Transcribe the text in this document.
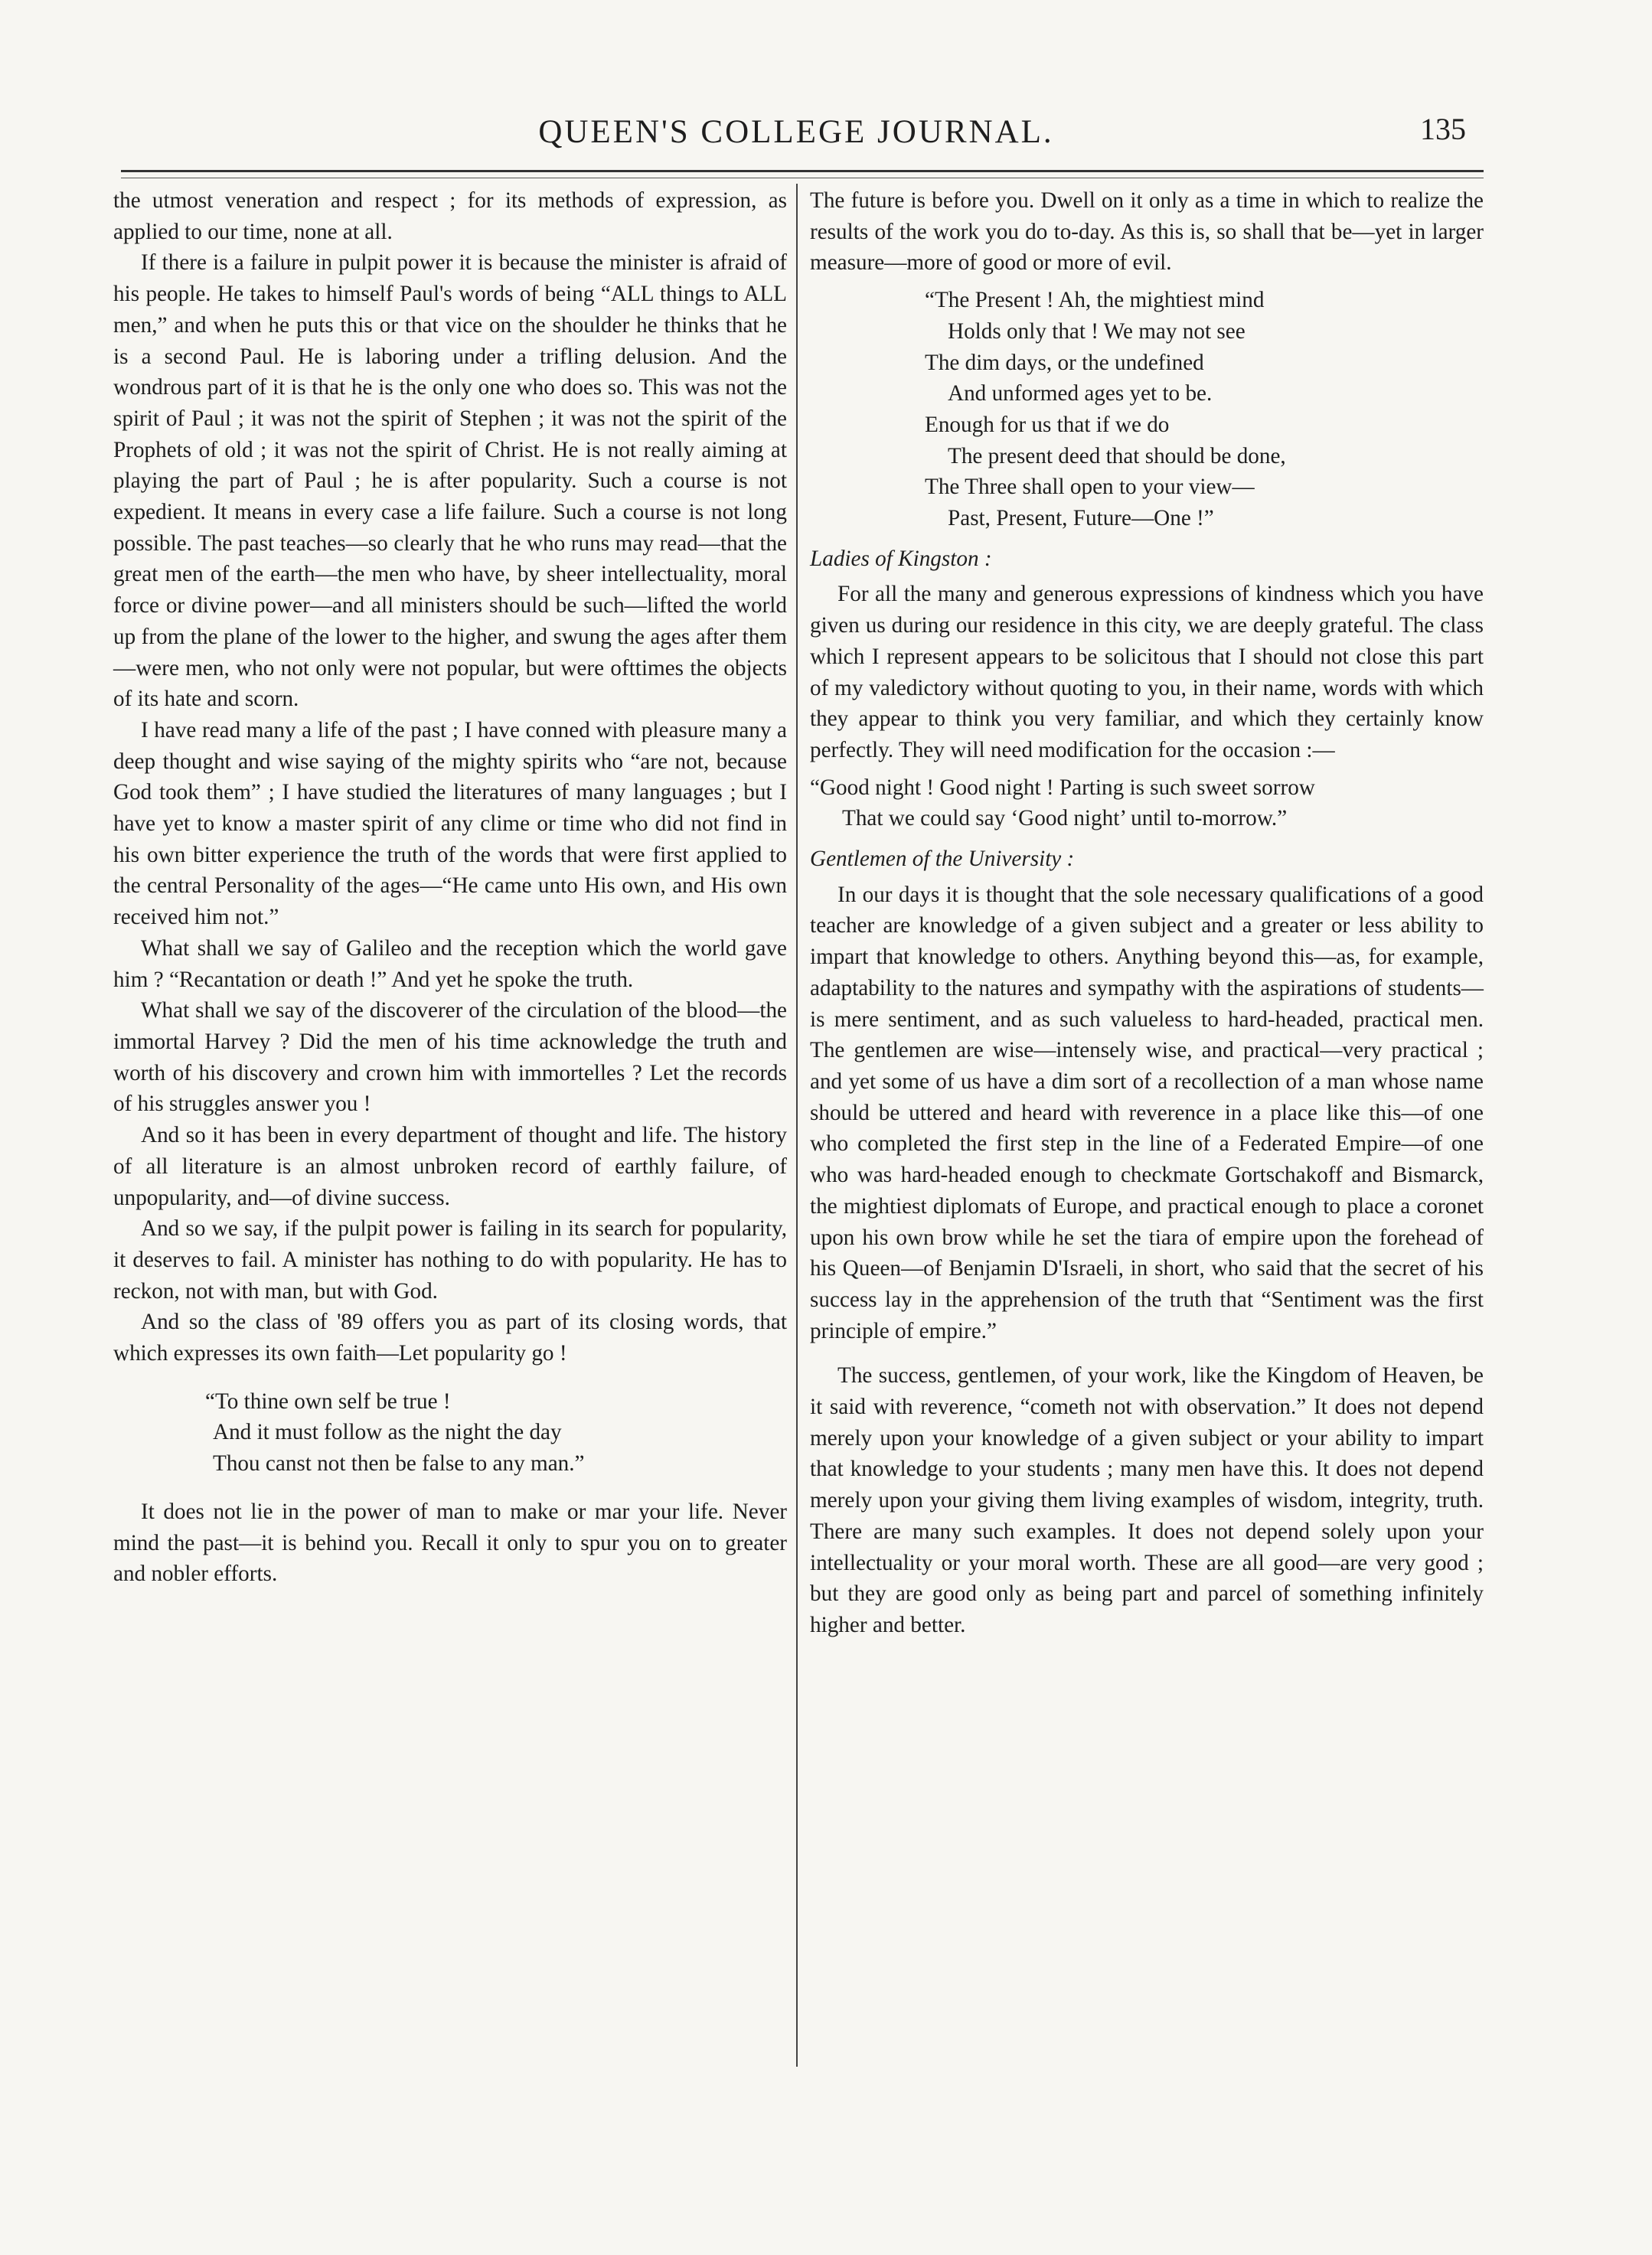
QUEEN'S COLLEGE JOURNAL.	135

the utmost veneration and respect ; for its methods of expression, as applied to our time, none at all.

If there is a failure in pulpit power it is because the minister is afraid of his people. He takes to himself Paul's words of being “ALL things to ALL men,” and when he puts this or that vice on the shoulder he thinks that he is a second Paul. He is laboring under a trifling delusion. And the wondrous part of it is that he is the only one who does so. This was not the spirit of Paul ; it was not the spirit of Stephen ; it was not the spirit of the Prophets of old ; it was not the spirit of Christ. He is not really aiming at playing the part of Paul ; he is after popularity. Such a course is not expedient. It means in every case a life failure. Such a course is not long possible. The past teaches—so clearly that he who runs may read—that the great men of the earth—the men who have, by sheer intellectuality, moral force or divine power—and all ministers should be such—lifted the world up from the plane of the lower to the higher, and swung the ages after them—were men, who not only were not popular, but were ofttimes the objects of its hate and scorn.

I have read many a life of the past ; I have conned with pleasure many a deep thought and wise saying of the mighty spirits who “are not, because God took them” ; I have studied the literatures of many languages ; but I have yet to know a master spirit of any clime or time who did not find in his own bitter experience the truth of the words that were first applied to the central Personality of the ages—“He came unto His own, and His own received him not.”

What shall we say of Galileo and the reception which the world gave him ? “Recantation or death !” And yet he spoke the truth.

What shall we say of the discoverer of the circulation of the blood—the immortal Harvey ? Did the men of his time acknowledge the truth and worth of his discovery and crown him with immortelles ? Let the records of his struggles answer you !

And so it has been in every department of thought and life. The history of all literature is an almost unbroken record of earthly failure, of unpopularity, and—of divine success.

And so we say, if the pulpit power is failing in its search for popularity, it deserves to fail. A minister has nothing to do with popularity. He has to reckon, not with man, but with God.

And so the class of '89 offers you as part of its closing words, that which expresses its own faith—Let popularity go !

“To thine own self be true !
And it must follow as the night the day
Thou canst not then be false to any man.”

It does not lie in the power of man to make or mar your life. Never mind the past—it is behind you. Recall it only to spur you on to greater and nobler efforts.

The future is before you. Dwell on it only as a time in which to realize the results of the work you do to-day. As this is, so shall that be—yet in larger measure—more of good or more of evil.

“The Present ! Ah, the mightiest mind
Holds only that ! We may not see
The dim days, or the undefined
And unformed ages yet to be.
Enough for us that if we do
The present deed that should be done,
The Three shall open to your view—
Past, Present, Future—One !”

Ladies of Kingston :

For all the many and generous expressions of kindness which you have given us during our residence in this city, we are deeply grateful. The class which I represent appears to be solicitous that I should not close this part of my valedictory without quoting to you, in their name, words with which they appear to think you very familiar, and which they certainly know perfectly. They will need modification for the occasion :—

“Good night ! Good night ! Parting is such sweet sorrow
That we could say ‘Good night’ until to-morrow.”

Gentlemen of the University :

In our days it is thought that the sole necessary qualifications of a good teacher are knowledge of a given subject and a greater or less ability to impart that knowledge to others. Anything beyond this—as, for example, adaptability to the natures and sympathy with the aspirations of students—is mere sentiment, and as such valueless to hard-headed, practical men. The gentlemen are wise—intensely wise, and practical—very practical ; and yet some of us have a dim sort of a recollection of a man whose name should be uttered and heard with reverence in a place like this—of one who completed the first step in the line of a Federated Empire—of one who was hard-headed enough to checkmate Gortschakoff and Bismarck, the mightiest diplomats of Europe, and practical enough to place a coronet upon his own brow while he set the tiara of empire upon the forehead of his Queen—of Benjamin D'Israeli, in short, who said that the secret of his success lay in the apprehension of the truth that “Sentiment was the first principle of empire.”

The success, gentlemen, of your work, like the Kingdom of Heaven, be it said with reverence, “cometh not with observation.” It does not depend merely upon your knowledge of a given subject or your ability to impart that knowledge to your students ; many men have this. It does not depend merely upon your giving them living examples of wisdom, integrity, truth. There are many such examples. It does not depend solely upon your intellectuality or your moral worth. These are all good—are very good ; but they are good only as being part and parcel of something infinitely higher and better.
